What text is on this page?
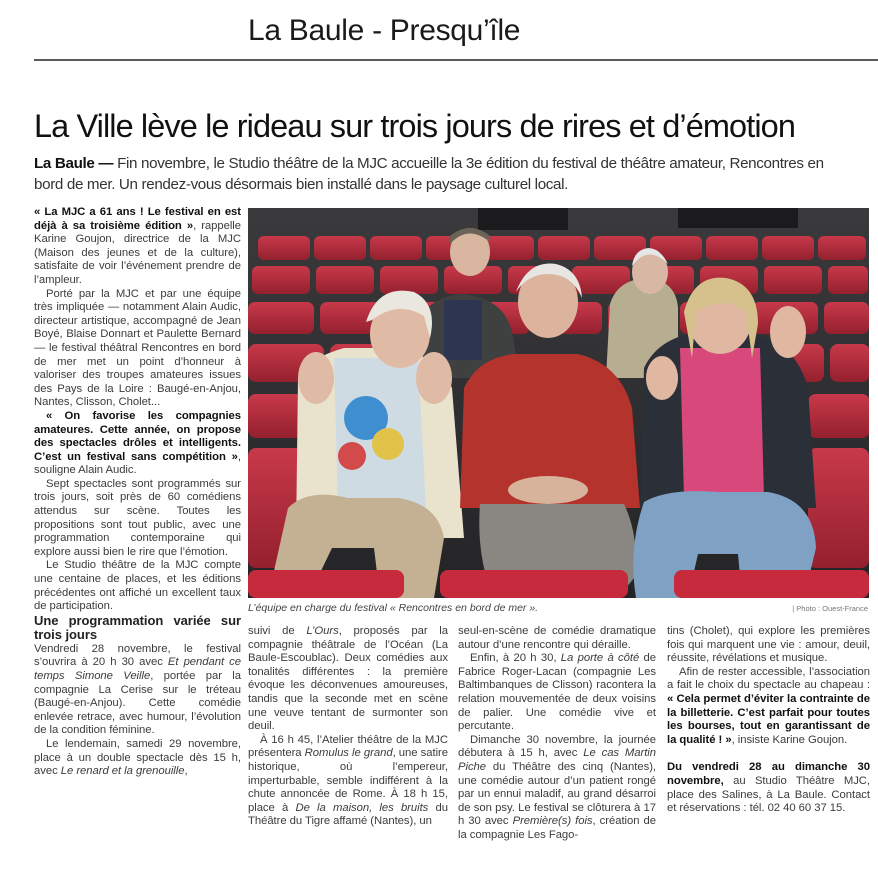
La Baule - Presqu’île
La Ville lève le rideau sur trois jours de rires et d’émotion
La Baule — Fin novembre, le Studio théâtre de la MJC accueille la 3e édition du festival de théâtre amateur, Rencontres en bord de mer. Un rendez-vous désormais bien installé dans le paysage culturel local.

« La MJC a 61 ans ! Le festival en est déjà à sa troisième édition », rappelle Karine Goujon, directrice de la MJC (Maison des jeunes et de la culture), satisfaite de voir l’événement prendre de l’ampleur.

Porté par la MJC et par une équipe très impliquée — notamment Alain Audic, directeur artistique, accompagné de Jean Boyé, Blaise Donnart et Paulette Bernard — le festival théâtral Rencontres en bord de mer met un point d’honneur à valoriser des troupes amateures issues des Pays de la Loire : Baugé-en-Anjou, Nantes, Clisson, Cholet...

« On favorise les compagnies amateures. Cette année, on propose des spectacles drôles et intelligents. C’est un festival sans compétition », souligne Alain Audic.

Sept spectacles sont programmés sur trois jours, soit près de 60 comédiens attendus sur scène. Toutes les propositions sont tout public, avec une programmation contemporaine qui explore aussi bien le rire que l’émotion.

Le Studio théâtre de la MJC compte une centaine de places, et les éditions précédentes ont affiché un excellent taux de participation.

Une programmation variée sur trois jours

Vendredi 28 novembre, le festival s’ouvrira à 20 h 30 avec Et pendant ce temps Simone Veille, portée par la compagnie La Cerise sur le tréteau (Baugé-en-Anjou). Cette comédie enlevée retrace, avec humour, l’évolution de la condition féminine.

Le lendemain, samedi 29 novembre, place à un double spectacle dès 15 h, avec Le renard et la grenouille,

L’équipe en charge du festival « Rencontres en bord de mer ».	| Photo : Ouest-France

suivi de L’Ours, proposés par la compagnie théâtrale de l’Océan (La Baule-Escoublac). Deux comédies aux tonalités différentes : la première évoque les déconvenues amoureuses, tandis que la seconde met en scène une veuve tentant de surmonter son deuil.

À 16 h 45, l’Atelier théâtre de la MJC présentera Romulus le grand, une satire historique, où l’empereur, imperturbable, semble indifférent à la chute annoncée de Rome. À 18 h 15, place à De la maison, les bruits du Théâtre du Tigre affamé (Nantes), un

seul-en-scène de comédie dramatique autour d’une rencontre qui déraille.

Enfin, à 20 h 30, La porte à côté de Fabrice Roger-Lacan (compagnie Les Baltimbanques de Clisson) racontera la relation mouvementée de deux voisins de palier. Une comédie vive et percutante.

Dimanche 30 novembre, la journée débutera à 15 h, avec Le cas Martin Piche du Théâtre des cinq (Nantes), une comédie autour d’un patient rongé par un ennui maladif, au grand désarroi de son psy. Le festival se clôturera à 17 h 30 avec Première(s) fois, création de la compagnie Les Fago-

tins (Cholet), qui explore les premières fois qui marquent une vie : amour, deuil, réussite, révélations et musique.

Afin de rester accessible, l’association a fait le choix du spectacle au chapeau : « Cela permet d’éviter la contrainte de la billetterie. C’est parfait pour toutes les bourses, tout en garantissant de la qualité ! », insiste Karine Goujon.

Du vendredi 28 au dimanche 30 novembre, au Studio Théâtre MJC, place des Salines, à La Baule. Contact et réservations : tél. 02 40 60 37 15.
